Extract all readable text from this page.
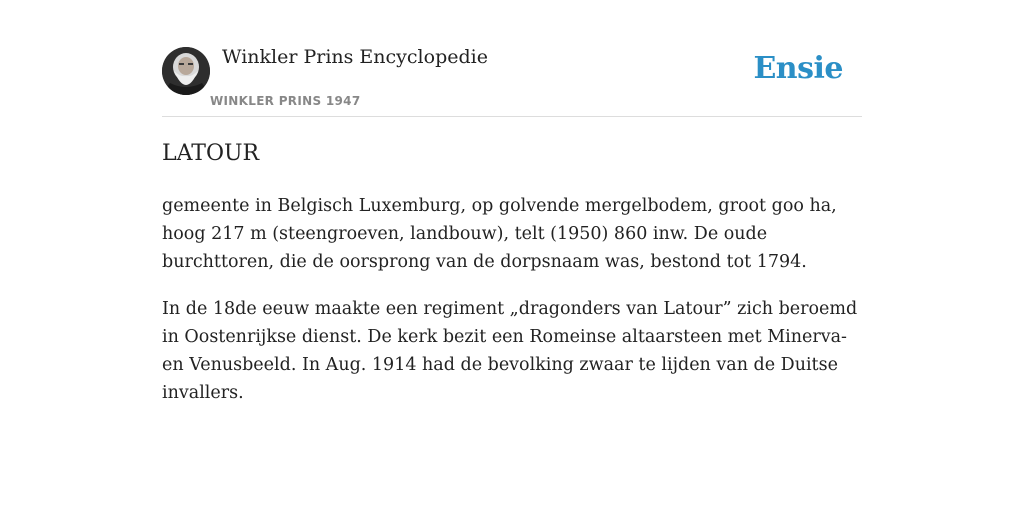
Winkler Prins Encyclopedie
WINKLER PRINS 1947
Ensie
LATOUR

gemeente in Belgisch Luxemburg, op golvende mergelbodem, groot goo ha, hoog 217 m (steengroeven, landbouw), telt (1950) 860 inw. De oude burchttoren, die de oorsprong van de dorpsnaam was, bestond tot 1794.

In de 18de eeuw maakte een regiment „dragonders van Latour” zich beroemd in Oostenrijkse dienst. De kerk bezit een Romeinse altaarsteen met Minerva- en Venusbeeld. In Aug. 1914 had de bevolking zwaar te lijden van de Duitse invallers.
